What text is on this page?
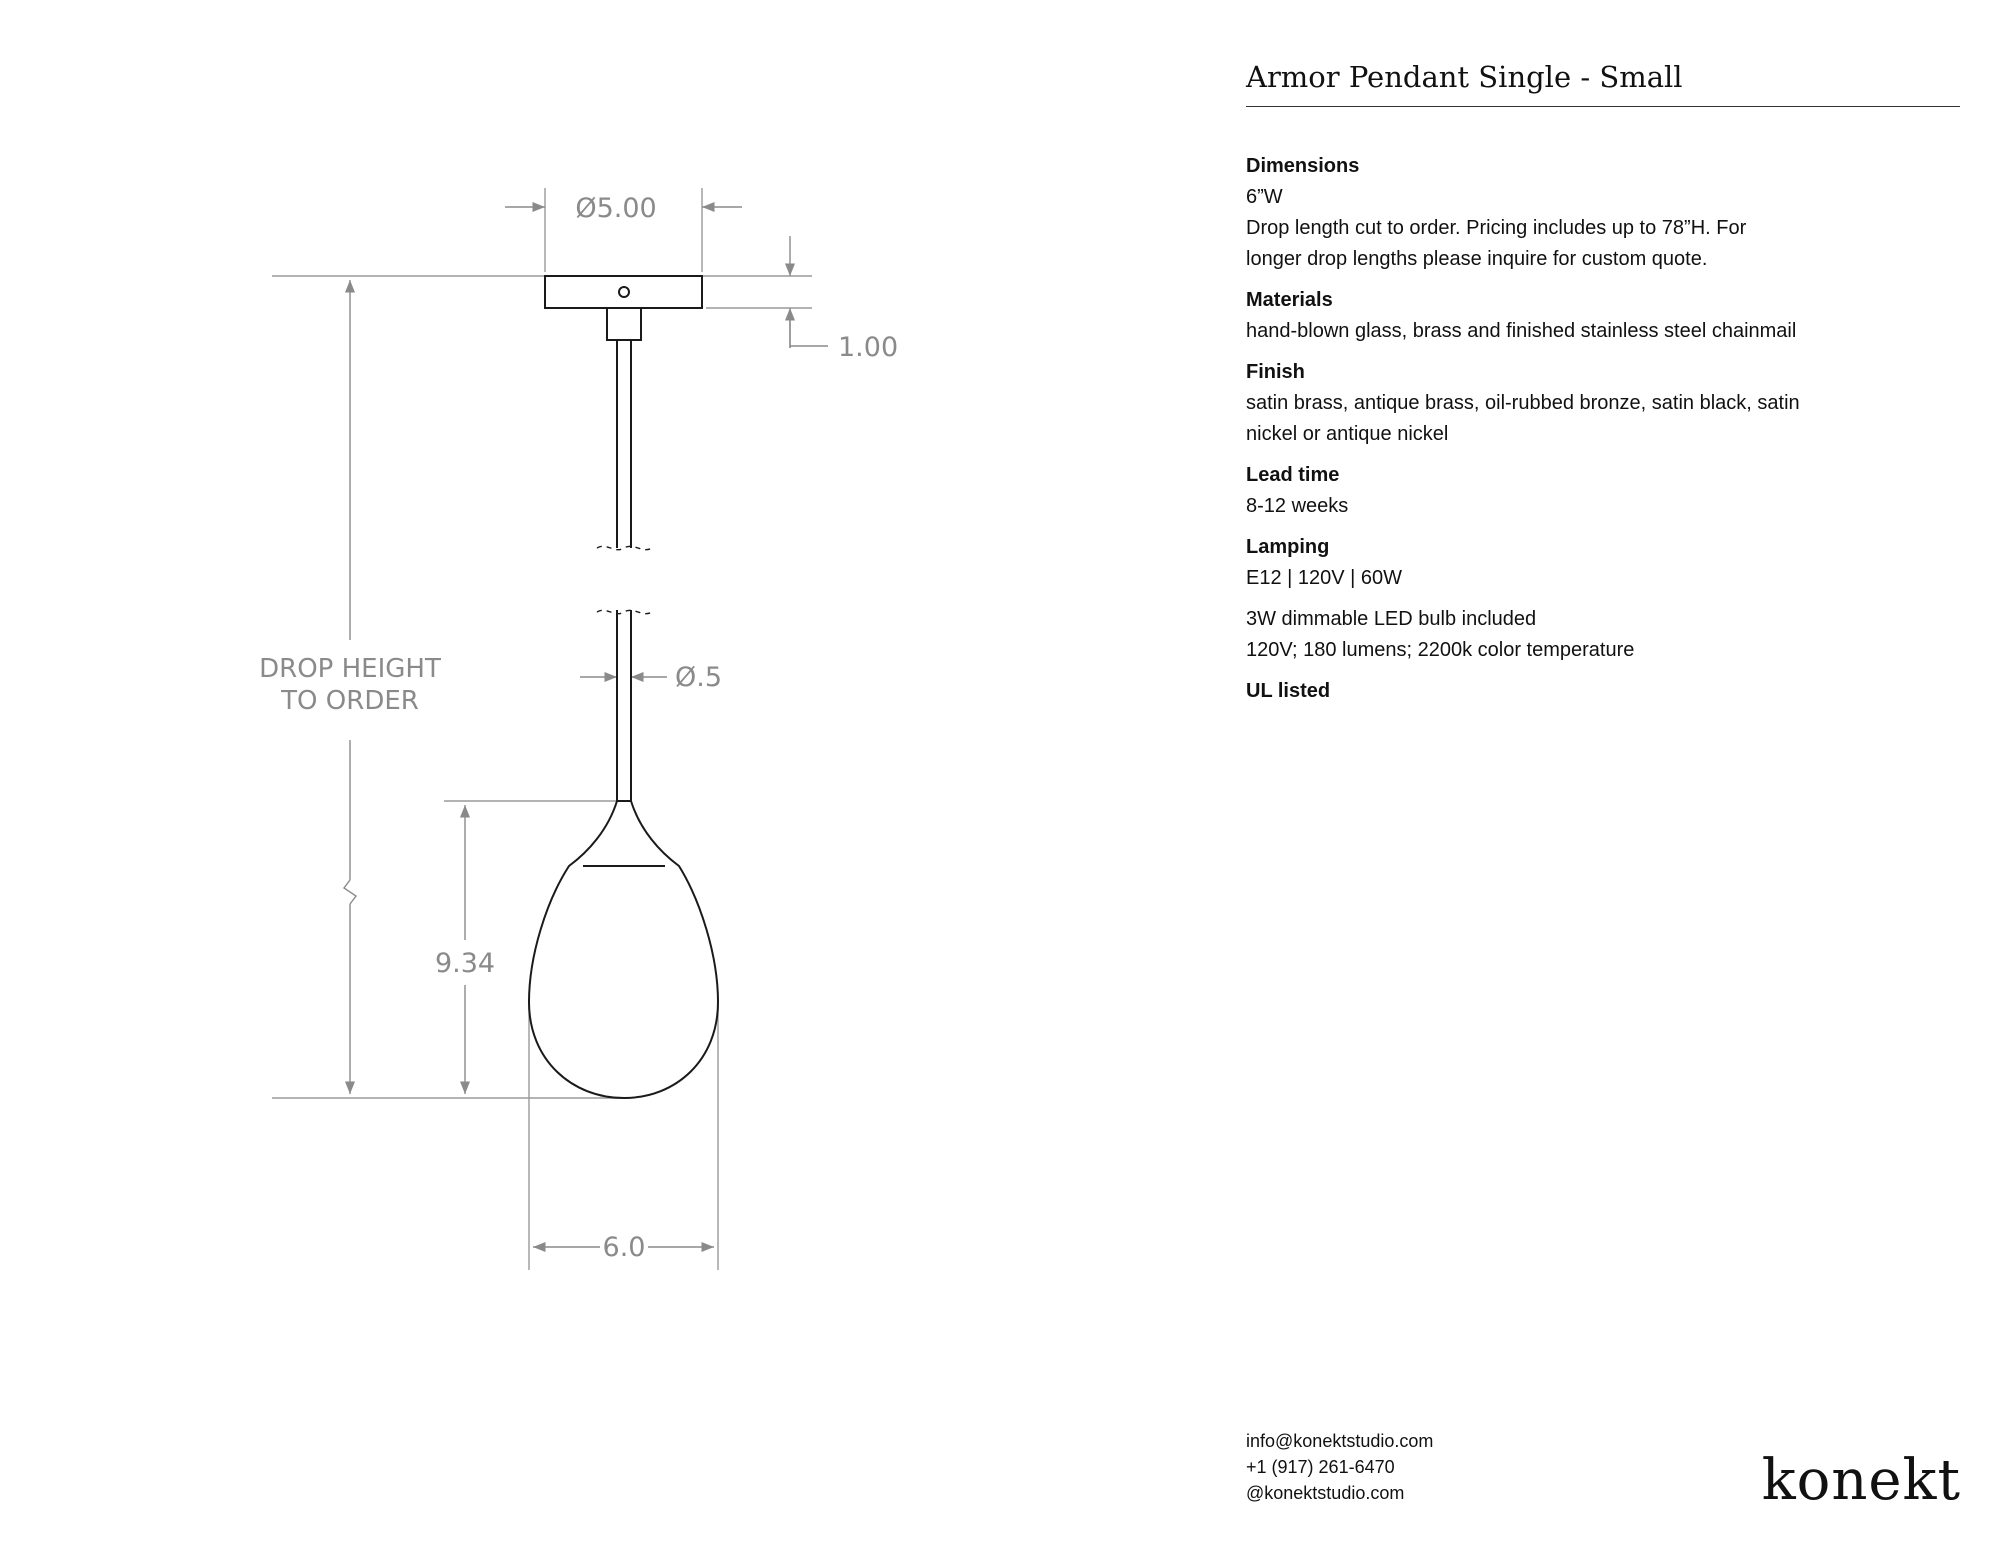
Ø5.00
1.00
DROP HEIGHT
TO ORDER
Ø.5
9.34
6.0
Armor Pendant Single - Small
Dimensions
6”W
Drop length cut to order. Pricing includes up to 78”H. For
longer drop lengths please inquire for custom quote.
Materials
hand-blown glass, brass and finished stainless steel chainmail
Finish
satin brass, antique brass, oil-rubbed bronze, satin black, satin
nickel or antique nickel
Lead time
8-12 weeks
Lamping
E12 | 120V | 60W
3W dimmable LED bulb included
120V; 180 lumens; 2200k color temperature
UL listed
info@konektstudio.com
+1 (917) 261-6470
@konektstudio.com	konekt
